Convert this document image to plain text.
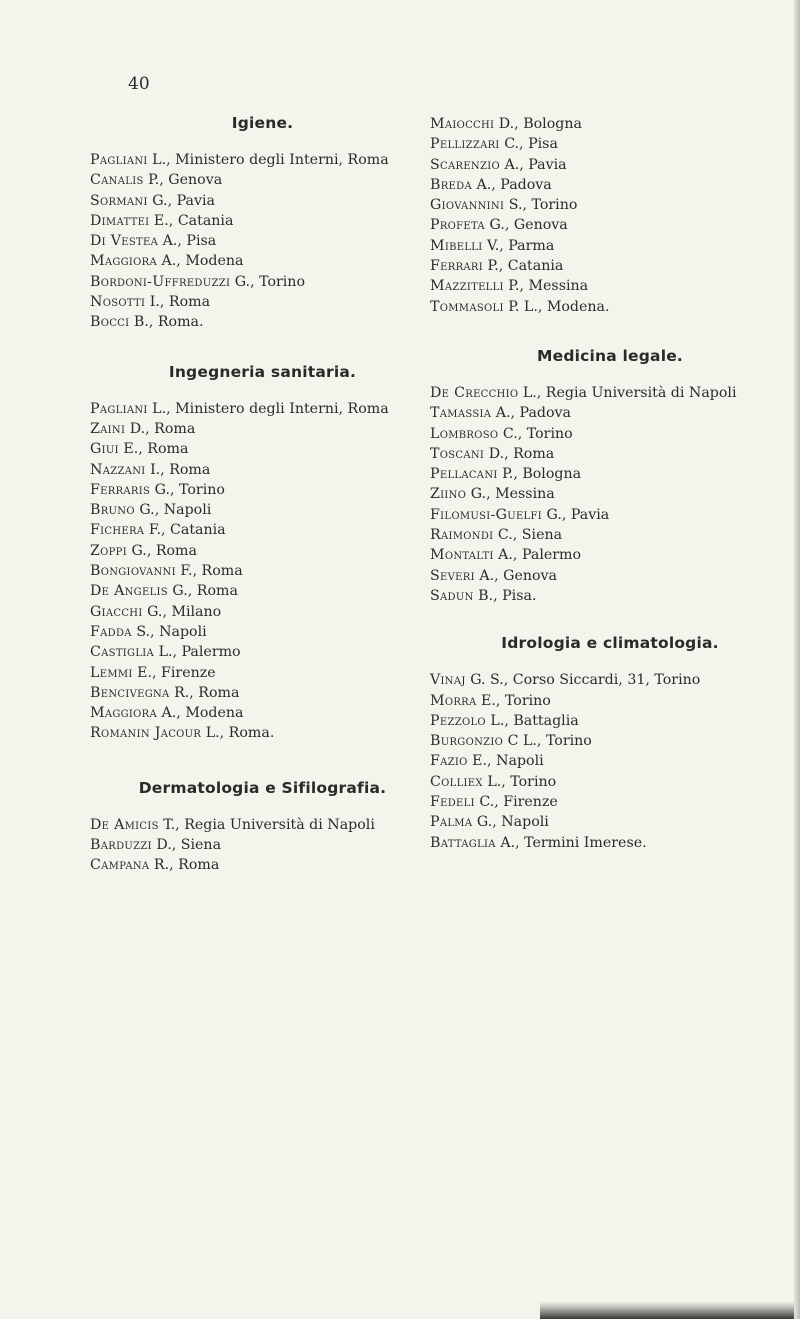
40
Igiene.
Pagliani L., Ministero degli Interni, Roma
Canalis P., Genova
Sormani G., Pavia
Dimattei E., Catania
Di Vestea A., Pisa
Maggiora A., Modena
Bordoni-Uffreduzzi G., Torino
Nosotti I., Roma
Bocci B., Roma.
Ingegneria sanitaria.
Pagliani L., Ministero degli Interni, Roma
Zaini D., Roma
Giui E., Roma
Nazzani I., Roma
Ferraris G., Torino
Bruno G., Napoli
Fichera F., Catania
Zoppi G., Roma
Bongiovanni F., Roma
De Angelis G., Roma
Giacchi G., Milano
Fadda S., Napoli
Castiglia L., Palermo
Lemmi E., Firenze
Bencivegna R., Roma
Maggiora A., Modena
Romanin Jacour L., Roma.
Dermatologia e Sifilografia.
De Amicis T., Regia Università di Napoli
Barduzzi D., Siena
Campana R., Roma
Maiocchi D., Bologna
Pellizzari C., Pisa
Scarenzio A., Pavia
Breda A., Padova
Giovannini S., Torino
Profeta G., Genova
Mibelli V., Parma
Ferrari P., Catania
Mazzitelli P., Messina
Tommasoli P. L., Modena.
Medicina legale.
De Crecchio L., Regia Università di Napoli
Tamassia A., Padova
Lombroso C., Torino
Toscani D., Roma
Pellacani P., Bologna
Ziino G., Messina
Filomusi-Guelfi G., Pavia
Raimondi C., Siena
Montalti A., Palermo
Severi A., Genova
Sadun B., Pisa.
Idrologia e climatologia.
Vinaj G. S., Corso Siccardi, 31, Torino
Morra E., Torino
Pezzolo L., Battaglia
Burgonzio C L., Torino
Fazio E., Napoli
Colliex L., Torino
Fedeli C., Firenze
Palma G., Napoli
Battaglia A., Termini Imerese.
